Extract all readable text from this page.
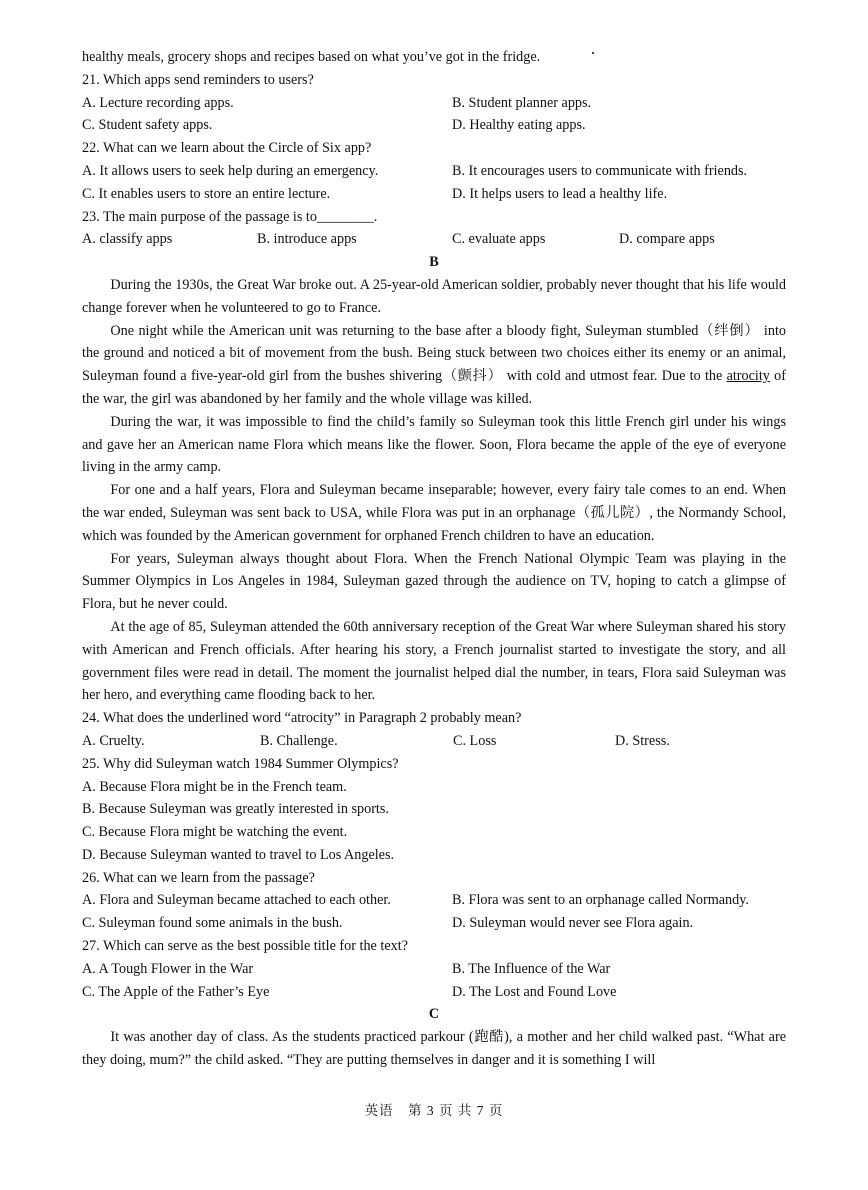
healthy meals, grocery shops and recipes based on what you’ve got in the fridge.
21. Which apps send reminders to users?
A. Lecture recording apps.	B. Student planner apps.
C. Student safety apps.	D. Healthy eating apps.
22. What can we learn about the Circle of Six app?
A. It allows users to seek help during an emergency.	B. It encourages users to communicate with friends.
C. It enables users to store an entire lecture.	D. It helps users to lead a healthy life.
23. The main purpose of the passage is to________.
A. classify apps	B. introduce apps	C. evaluate apps	D. compare apps
B

During the 1930s, the Great War broke out. A 25-year-old American soldier, probably never thought that his life would change forever when he volunteered to go to France.

One night while the American unit was returning to the base after a bloody fight, Suleyman stumbled（绊倒） into the ground and noticed a bit of movement from the bush. Being stuck between two choices either its enemy or an animal, Suleyman found a five-year-old girl from the bushes shivering（颤抖） with cold and utmost fear. Due to the atrocity of the war, the girl was abandoned by her family and the whole village was killed.

During the war, it was impossible to find the child’s family so Suleyman took this little French girl under his wings and gave her an American name Flora which means like the flower. Soon, Flora became the apple of the eye of everyone living in the army camp.

For one and a half years, Flora and Suleyman became inseparable; however, every fairy tale comes to an end. When the war ended, Suleyman was sent back to USA, while Flora was put in an orphanage（孤儿院）, the Normandy School, which was founded by the American government for orphaned French children to have an education.

For years, Suleyman always thought about Flora. When the French National Olympic Team was playing in the Summer Olympics in Los Angeles in 1984, Suleyman gazed through the audience on TV, hoping to catch a glimpse of Flora, but he never could.

At the age of 85, Suleyman attended the 60th anniversary reception of the Great War where Suleyman shared his story with American and French officials. After hearing his story, a French journalist started to investigate the story, and all government files were read in detail. The moment the journalist helped dial the number, in tears, Flora said Suleyman was her hero, and everything came flooding back to her.

24. What does the underlined word “atrocity” in Paragraph 2 probably mean?
A. Cruelty.	B. Challenge.	C. Loss	D. Stress.
25. Why did Suleyman watch 1984 Summer Olympics?
A. Because Flora might be in the French team.
B. Because Suleyman was greatly interested in sports.
C. Because Flora might be watching the event.
D. Because Suleyman wanted to travel to Los Angeles.
26. What can we learn from the passage?
A. Flora and Suleyman became attached to each other.	B. Flora was sent to an orphanage called Normandy.
C. Suleyman found some animals in the bush.	D. Suleyman would never see Flora again.
27. Which can serve as the best possible title for the text?
A. A Tough Flower in the War	B. The Influence of the War
C. The Apple of the Father’s Eye	D. The Lost and Found Love
C

It was another day of class. As the students practiced parkour (跑酷), a mother and her child walked past. “What are they doing, mum?” the child asked. “They are putting themselves in danger and it is something I will

英语　第 3 页 共 7 页
